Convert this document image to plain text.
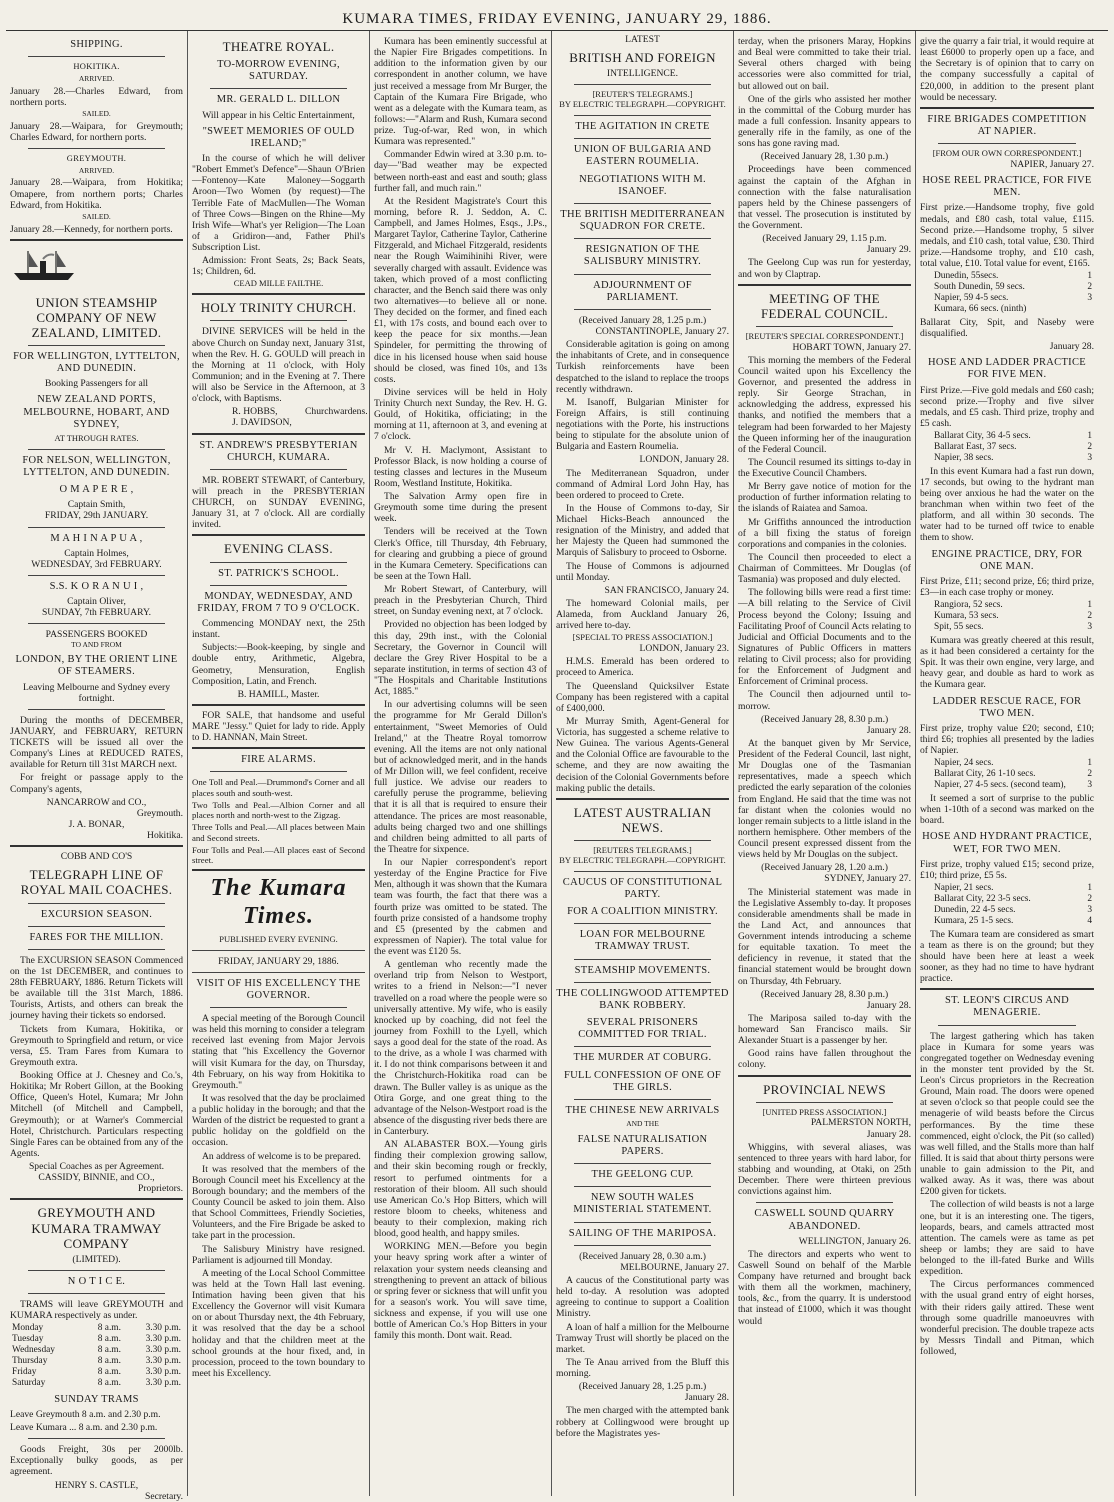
KUMARA TIMES, FRIDAY EVENING, JANUARY 29, 1886.
SHIPPING.
HOKITIKA.
ARRIVED.
January 28.—Charles Edward, from northern ports.
SAILED.
January 28.—Waipara, for Greymouth; Charles Edward, for northern ports.
GREYMOUTH.
ARRIVED.
January 28.—Waipara, from Hokitika; Omapere, from northern ports; Charles Edward, from Hokitika.
SAILED.
January 28.—Kennedy, for northern ports.
UNION STEAMSHIP COMPANY OF NEW ZEALAND, LIMITED.
FOR WELLINGTON, LYTTELTON, AND DUNEDIN.
Booking Passengers for all
NEW ZEALAND PORTS, MELBOURNE, HOBART, AND SYDNEY,
AT THROUGH RATES.
FOR NELSON, WELLINGTON, LYTTELTON, AND DUNEDIN.
O M A P E R E ,
Captain Smith,
FRIDAY, 29th JANUARY.
M A H I N A P U A ,
Captain Holmes,
WEDNESDAY, 3rd FEBRUARY.
S.S. K O R A N U I ,
Captain Oliver,
SUNDAY, 7th FEBRUARY.
PASSENGERS BOOKED
TO AND FROM
LONDON, BY THE ORIENT LINE OF STEAMERS.
Leaving Melbourne and Sydney every fortnight.
During the months of DECEMBER, JANUARY, and FEBRUARY, RETURN TICKETS will be issued all over the Company's Lines at REDUCED RATES, available for Return till 31st MARCH next.
For freight or passage apply to the Company's agents,
NANCARROW and CO.,
Greymouth.
J. A. BONAR,
Hokitika.
COBB AND CO'S
TELEGRAPH LINE OF ROYAL MAIL COACHES.
EXCURSION SEASON.
FARES FOR THE MILLION.
The EXCURSION SEASON Commenced on the 1st DECEMBER, and continues to 28th FEBRUARY, 1886. Return Tickets will be available till the 31st March, 1886. Tourists, Artists, and others can break the journey having their tickets so endorsed.
Tickets from Kumara, Hokitika, or Greymouth to Springfield and return, or vice versa, £5. Tram Fares from Kumara to Greymouth extra.
Booking Office at J. Chesney and Co.'s, Hokitika; Mr Robert Gillon, at the Booking Office, Queen's Hotel, Kumara; Mr John Mitchell (of Mitchell and Campbell, Greymouth); or at Warner's Commercial Hotel, Christchurch. Particulars respecting Single Fares can be obtained from any of the Agents.
Special Coaches as per Agreement.
CASSIDY, BINNIE, and CO.,
Proprietors.
GREYMOUTH AND KUMARA TRAMWAY COMPANY
(LIMITED).
N O T I C E.
TRAMS will leave GREYMOUTH and KUMARA respectively as under.
Monday	8 a.m.	3.30 p.m.
Tuesday	8 a.m.	3.30 p.m.
Wednesday	8 a.m.	3.30 p.m.
Thursday	8 a.m.	3.30 p.m.
Friday	8 a.m.	3.30 p.m.
Saturday	8 a.m.	3.30 p.m.
SUNDAY TRAMS
Leave Greymouth 8 a.m. and 2.30 p.m.
Leave Kumara ... 8 a.m. and 2.30 p.m.
Goods Freight, 30s per 2000lb. Exceptionally bulky goods, as per agreement.
HENRY S. CASTLE,
Secretary.
THEATRE ROYAL.
TO-MORROW EVENING, SATURDAY.
MR. GERALD L. DILLON
Will appear in his Celtic Entertainment,
"SWEET MEMORIES OF OULD IRELAND;"
In the course of which he will deliver "Robert Emmet's Defence"—Shaun O'Brien—Fontenoy—Kate Maloney—Soggarth Aroon—Two Women (by request)—The Terrible Fate of MacMullen—The Woman of Three Cows—Bingen on the Rhine—My Irish Wife—What's yer Religion—The Loan of a Gridiron—and, Father Phil's Subscription List.
Admission: Front Seats, 2s; Back Seats, 1s; Children, 6d.
CEAD MILLE FAILTHE.
HOLY TRINITY CHURCH.
DIVINE SERVICES will be held in the above Church on Sunday next, January 31st, when the Rev. H. G. GOULD will preach in the Morning at 11 o'clock, with Holy Communion; and in the Evening at 7. There will also be Service in the Afternoon, at 3 o'clock, with Baptisms.
R. HOBBS,
J. DAVIDSON,
Churchwardens.
ST. ANDREW'S PRESBYTERIAN CHURCH, KUMARA.
MR. ROBERT STEWART, of Canterbury, will preach in the PRESBYTERIAN CHURCH, on SUNDAY EVENING, January 31, at 7 o'clock. All are cordially invited.
EVENING CLASS.
ST. PATRICK'S SCHOOL.
MONDAY, WEDNESDAY, AND FRIDAY, FROM 7 TO 9 O'CLOCK.
Commencing MONDAY next, the 25th instant.
Subjects:—Book-keeping, by single and double entry, Arithmetic, Algebra, Geometry, Mensuration, English Composition, Latin, and French.
B. HAMILL, Master.
FOR SALE, that handsome and useful MARE "Jessy." Quiet for lady to ride. Apply to D. HANNAN, Main Street.
FIRE ALARMS.
One Toll and Peal.—Drummond's Corner and all places south and south-west.
Two Tolls and Peal.—Albion Corner and all places north and north-west to the Zigzag.
Three Tolls and Peal.—All places between Main and Second streets.
Four Tolls and Peal.—All places east of Second street.
The Kumara Times.
PUBLISHED EVERY EVENING.
FRIDAY, JANUARY 29, 1886.
VISIT OF HIS EXCELLENCY THE GOVERNOR.
A special meeting of the Borough Council was held this morning to consider a telegram received last evening from Major Jervois stating that "his Excellency the Governor will visit Kumara for the day, on Thursday, 4th February, on his way from Hokitika to Greymouth."
It was resolved that the day be proclaimed a public holiday in the borough; and that the Warden of the district be requested to grant a public holiday on the goldfield on the occasion.
An address of welcome is to be prepared.
It was resolved that the members of the Borough Council meet his Excellency at the Borough boundary; and the members of the County Council be asked to join them. Also that School Committees, Friendly Societies, Volunteers, and the Fire Brigade be asked to take part in the procession.
The Salisbury Ministry have resigned. Parliament is adjourned till Monday.
A meeting of the Local School Committee was held at the Town Hall last evening. Intimation having been given that his Excellency the Governor will visit Kumara on or about Thursday next, the 4th February, it was resolved that the day be a school holiday and that the children meet at the school grounds at the hour fixed, and, in procession, proceed to the town boundary to meet his Excellency.
Kumara has been eminently successful at the Napier Fire Brigades competitions. In addition to the information given by our correspondent in another column, we have just received a message from Mr Burger, the Captain of the Kumara Fire Brigade, who went as a delegate with the Kumara team, as follows:—"Alarm and Rush, Kumara second prize. Tug-of-war, Red won, in which Kumara was represented."
Commander Edwin wired at 3.30 p.m. to-day—"Bad weather may be expected between north-east and east and south; glass further fall, and much rain."
At the Resident Magistrate's Court this morning, before R. J. Seddon, A. C. Campbell, and James Holmes, Esqs., J.Ps., Margaret Taylor, Catherine Taylor, Catherine Fitzgerald, and Michael Fitzgerald, residents near the Rough Waimihinihi River, were severally charged with assault. Evidence was taken, which proved of a most conflicting character, and the Bench said there was only two alternatives—to believe all or none. They decided on the former, and fined each £1, with 17s costs, and bound each over to keep the peace for six months.—Jean Spindeler, for permitting the throwing of dice in his licensed house when said house should be closed, was fined 10s, and 13s costs.
Divine services will be held in Holy Trinity Church next Sunday, the Rev. H. G. Gould, of Hokitika, officiating; in the morning at 11, afternoon at 3, and evening at 7 o'clock.
Mr V. H. Maclymont, Assistant to Professor Black, is now holding a course of testing classes and lectures in the Museum Room, Westland Institute, Hokitika.
The Salvation Army open fire in Greymouth some time during the present week.
Tenders will be received at the Town Clerk's Office, till Thursday, 4th February, for clearing and grubbing a piece of ground in the Kumara Cemetery. Specifications can be seen at the Town Hall.
Mr Robert Stewart, of Canterbury, will preach in the Presbyterian Church, Third street, on Sunday evening next, at 7 o'clock.
Provided no objection has been lodged by this day, 29th inst., with the Colonial Secretary, the Governor in Council will declare the Grey River Hospital to be a separate institution, in terms of section 43 of "The Hospitals and Charitable Institutions Act, 1885."
In our advertising columns will be seen the programme for Mr Gerald Dillon's entertainment, "Sweet Memories of Ould Ireland," at the Theatre Royal tomorrow evening. All the items are not only national but of acknowledged merit, and in the hands of Mr Dillon will, we feel confident, receive full justice. We advise our readers to carefully peruse the programme, believing that it is all that is required to ensure their attendance. The prices are most reasonable, adults being charged two and one shillings and children being admitted to all parts of the Theatre for sixpence.
In our Napier correspondent's report yesterday of the Engine Practice for Five Men, although it was shown that the Kumara team was fourth, the fact that there was a fourth prize was omitted to be stated. The fourth prize consisted of a handsome trophy and £5 (presented by the cabmen and expressmen of Napier). The total value for the event was £120 5s.
A gentleman who recently made the overland trip from Nelson to Westport, writes to a friend in Nelson:—"I never travelled on a road where the people were so universally attentive. My wife, who is easily knocked up by coaching, did not feel the journey from Foxhill to the Lyell, which says a good deal for the state of the road. As to the drive, as a whole I was charmed with it. I do not think comparisons between it and the Christchurch-Hokitika road can be drawn. The Buller valley is as unique as the Otira Gorge, and one great thing to the advantage of the Nelson-Westport road is the absence of the disgusting river beds there are in Canterbury.
AN ALABASTER BOX.—Young girls finding their complexion growing sallow, and their skin becoming rough or freckly, resort to perfumed ointments for a restoration of their bloom. All such should use American Co.'s Hop Bitters, which will restore bloom to cheeks, whiteness and beauty to their complexion, making rich blood, good health, and happy smiles.
WORKING MEN.—Before you begin your heavy spring work after a winter of relaxation your system needs cleansing and strengthening to prevent an attack of bilious or spring fever or sickness that will unfit you for a season's work. You will save time, sickness and expense, if you will use one bottle of American Co.'s Hop Bitters in your family this month. Dont wait. Read.
LATEST
BRITISH AND FOREIGN
INTELLIGENCE.
[REUTER'S TELEGRAMS.]
BY ELECTRIC TELEGRAPH.—COPYRIGHT.
THE AGITATION IN CRETE
UNION OF BULGARIA AND EASTERN ROUMELIA.
NEGOTIATIONS WITH M. ISANOEF.
THE BRITISH MEDITERRANEAN SQUADRON FOR CRETE.
RESIGNATION OF THE SALISBURY MINISTRY.
ADJOURNMENT OF PARLIAMENT.
(Received January 28, 1.25 p.m.)
CONSTANTINOPLE, January 27.
Considerable agitation is going on among the inhabitants of Crete, and in consequence Turkish reinforcements have been despatched to the island to replace the troops recently withdrawn.
M. Isanoff, Bulgarian Minister for Foreign Affairs, is still continuing negotiations with the Porte, his instructions being to stipulate for the absolute union of Bulgaria and Eastern Roumelia.
LONDON, January 28.
The Mediterranean Squadron, under command of Admiral Lord John Hay, has been ordered to proceed to Crete.
In the House of Commons to-day, Sir Michael Hicks-Beach announced the resignation of the Ministry, and added that her Majesty the Queen had summoned the Marquis of Salisbury to proceed to Osborne.
The House of Commons is adjourned until Monday.
SAN FRANCISCO, January 24.
The homeward Colonial mails, per Alameda, from Auckland January 26, arrived here to-day.
[SPECIAL TO PRESS ASSOCIATION.]
LONDON, January 23.
H.M.S. Emerald has been ordered to proceed to America.
The Queensland Quicksilver Estate Company has been registered with a capital of £400,000.
Mr Murray Smith, Agent-General for Victoria, has suggested a scheme relative to New Guinea. The various Agents-General and the Colonial Office are favourable to the scheme, and they are now awaiting the decision of the Colonial Governments before making public the details.
LATEST AUSTRALIAN NEWS.
[REUTERS TELEGRAMS.]
BY ELECTRIC TELEGRAPH.—COPYRIGHT.
CAUCUS OF CONSTITUTIONAL PARTY.
FOR A COALITION MINISTRY.
LOAN FOR MELBOURNE TRAMWAY TRUST.
STEAMSHIP MOVEMENTS.
THE COLLINGWOOD ATTEMPTED BANK ROBBERY.
SEVERAL PRISONERS COMMITTED FOR TRIAL.
THE MURDER AT COBURG.
FULL CONFESSION OF ONE OF THE GIRLS.
THE CHINESE NEW ARRIVALS
AND THE
FALSE NATURALISATION PAPERS.
THE GEELONG CUP.
NEW SOUTH WALES MINISTERIAL STATEMENT.
SAILING OF THE MARIPOSA.
(Received January 28, 0.30 a.m.)
MELBOURNE, January 27.
A caucus of the Constitutional party was held to-day. A resolution was adopted agreeing to continue to support a Coalition Ministry.
A loan of half a million for the Melbourne Tramway Trust will shortly be placed on the market.
The Te Anau arrived from the Bluff this morning.
(Received January 28, 1.25 p.m.)
January 28.
The men charged with the attempted bank robbery at Collingwood were brought up before the Magistrates yes-
terday, when the prisoners Maray, Hopkins and Beal were committed to take their trial. Several others charged with being accessories were also committed for trial, but allowed out on bail.
One of the girls who assisted her mother in the committal of the Coburg murder has made a full confession. Insanity appears to generally rife in the family, as one of the sons has gone raving mad.
(Received January 28, 1.30 p.m.)
Proceedings have been commenced against the captain of the Afghan in connection with the false naturalisation papers held by the Chinese passengers of that vessel. The prosecution is instituted by the Government.
(Received January 29, 1.15 p.m.
January 29.
The Geelong Cup was run for yesterday, and won by Claptrap.
MEETING OF THE FEDERAL COUNCIL.
[REUTER'S SPECIAL CORRESPONDENT.]
HOBART TOWN, January 27.
This morning the members of the Federal Council waited upon his Excellency the Governor, and presented the address in reply. Sir George Strachan, in acknowledging the address, expressed his thanks, and notified the members that a telegram had been forwarded to her Majesty the Queen informing her of the inauguration of the Federal Council.
The Council resumed its sittings to-day in the Executive Council Chambers.
Mr Berry gave notice of motion for the production of further information relating to the islands of Raiatea and Samoa.
Mr Griffiths announced the introduction of a bill fixing the status of foreign corporations and companies in the colonies.
The Council then proceeded to elect a Chairman of Committees. Mr Douglas (of Tasmania) was proposed and duly elected.
The following bills were read a first time:—A bill relating to the Service of Civil Process beyond the Colony; Issuing and Facilitating Proof of Council Acts relating to Judicial and Official Documents and to the Signatures of Public Officers in matters relating to Civil process; also for providing for the Enforcement of Judgment and Enforcement of Criminal process.
The Council then adjourned until to-morrow.
(Received January 28, 8.30 p.m.)
January 28.
At the banquet given by Mr Service, President of the Federal Council, last night, Mr Douglas one of the Tasmanian representatives, made a speech which predicted the early separation of the colonies from England. He said that the time was not far distant when the colonies would no longer remain subjects to a little island in the northern hemisphere. Other members of the Council present expressed dissent from the views held by Mr Douglas on the subject.
(Received January 28, 1.20 a.m.)
SYDNEY, January 27.
The Ministerial statement was made in the Legislative Assembly to-day. It proposes considerable amendments shall be made in the Land Act, and announces that Government intends introducing a scheme for equitable taxation. To meet the deficiency in revenue, it stated that the financial statement would be brought down on Thursday, 4th February.
(Received January 28, 8.30 p.m.)
January 28.
The Mariposa sailed to-day with the homeward San Francisco mails. Sir Alexander Stuart is a passenger by her.
Good rains have fallen throughout the colony.
PROVINCIAL NEWS
[UNITED PRESS ASSOCIATION.]
PALMERSTON NORTH,
January 28.
Whiggins, with several aliases, was sentenced to three years with hard labor, for stabbing and wounding, at Otaki, on 25th December. There were thirteen previous convictions against him.
CASWELL SOUND QUARRY ABANDONED.
WELLINGTON, January 26.
The directors and experts who went to Caswell Sound on behalf of the Marble Company have returned and brought back with them all the workmen, machinery, tools, &c., from the quarry. It is understood that instead of £1000, which it was thought would
give the quarry a fair trial, it would require at least £6000 to properly open up a face, and the Secretary is of opinion that to carry on the company successfully a capital of £20,000, in addition to the present plant would be necessary.
FIRE BRIGADES COMPETITION AT NAPIER.
[FROM OUR OWN CORRESPONDENT.]
NAPIER, January 27.
HOSE REEL PRACTICE, FOR FIVE MEN.
First prize.—Handsome trophy, five gold medals, and £80 cash, total value, £115. Second prize.—Handsome trophy, 5 silver medals, and £10 cash, total value, £30. Third prize.—Handsome trophy, and £10 cash, total value, £10. Total value for event, £165.
Dunedin, 55secs.	1
South Dunedin, 59 secs.	2
Napier, 59 4-5 secs.	3
Kumara, 66 secs. (ninth)	
Ballarat City, Spit, and Naseby were disqualified.
January 28.
HOSE AND LADDER PRACTICE FOR FIVE MEN.
First Prize.—Five gold medals and £60 cash; second prize.—Trophy and five silver medals, and £5 cash. Third prize, trophy and £5 cash.
Ballarat City, 36 4-5 secs.	1
Ballarat East, 37 secs.	2
Napier, 38 secs.	3
In this event Kumara had a fast run down, 17 seconds, but owing to the hydrant man being over anxious he had the water on the branchman when within two feet of the platform, and all within 30 seconds. The water had to be turned off twice to enable them to show.
ENGINE PRACTICE, DRY, FOR ONE MAN.
First Prize, £11; second prize, £6; third prize, £3—in each case trophy or money.
Rangiora, 52 secs.	1
Kumara, 53 secs.	2
Spit, 55 secs.	3
Kumara was greatly cheered at this result, as it had been considered a certainty for the Spit. It was their own engine, very large, and heavy gear, and double as hard to work as the Kumara gear.
LADDER RESCUE RACE, FOR TWO MEN.
First prize, trophy value £20; second, £10; third £6; trophies all presented by the ladies of Napier.
Napier, 24 secs.	1
Ballarat City, 26 1-10 secs.	2
Napier, 27 4-5 secs. (second team),	3
It seemed a sort of surprise to the public when 1-10th of a second was marked on the board.
HOSE AND HYDRANT PRACTICE, WET, FOR TWO MEN.
First prize, trophy valued £15; second prize, £10; third prize, £5 5s.
Napier, 21 secs.	1
Ballarat City, 22 3-5 secs.	2
Dunedin, 22 4-5 secs.	3
Kumara, 25 1-5 secs.	4
The Kumara team are considered as smart a team as there is on the ground; but they should have been here at least a week sooner, as they had no time to have hydrant practice.
ST. LEON'S CIRCUS AND MENAGERIE.
The largest gathering which has taken place in Kumara for some years was congregated together on Wednesday evening in the monster tent provided by the St. Leon's Circus proprietors in the Recreation Ground, Main road. The doors were opened at seven o'clock so that people could see the menagerie of wild beasts before the Circus performances. By the time these commenced, eight o'clock, the Pit (so called) was well filled, and the Stalls more than half filled. It is said that about thirty persons were unable to gain admission to the Pit, and walked away. As it was, there was about £200 given for tickets.
The collection of wild beasts is not a large one, but it is an interesting one. The tigers, leopards, bears, and camels attracted most attention. The camels were as tame as pet sheep or lambs; they are said to have belonged to the ill-fated Burke and Wills expedition.
The Circus performances commenced with the usual grand entry of eight horses, with their riders gaily attired. These went through some quadrille manoeuvres with wonderful precision. The double trapeze acts by Messrs Tindall and Pitman, which followed,
